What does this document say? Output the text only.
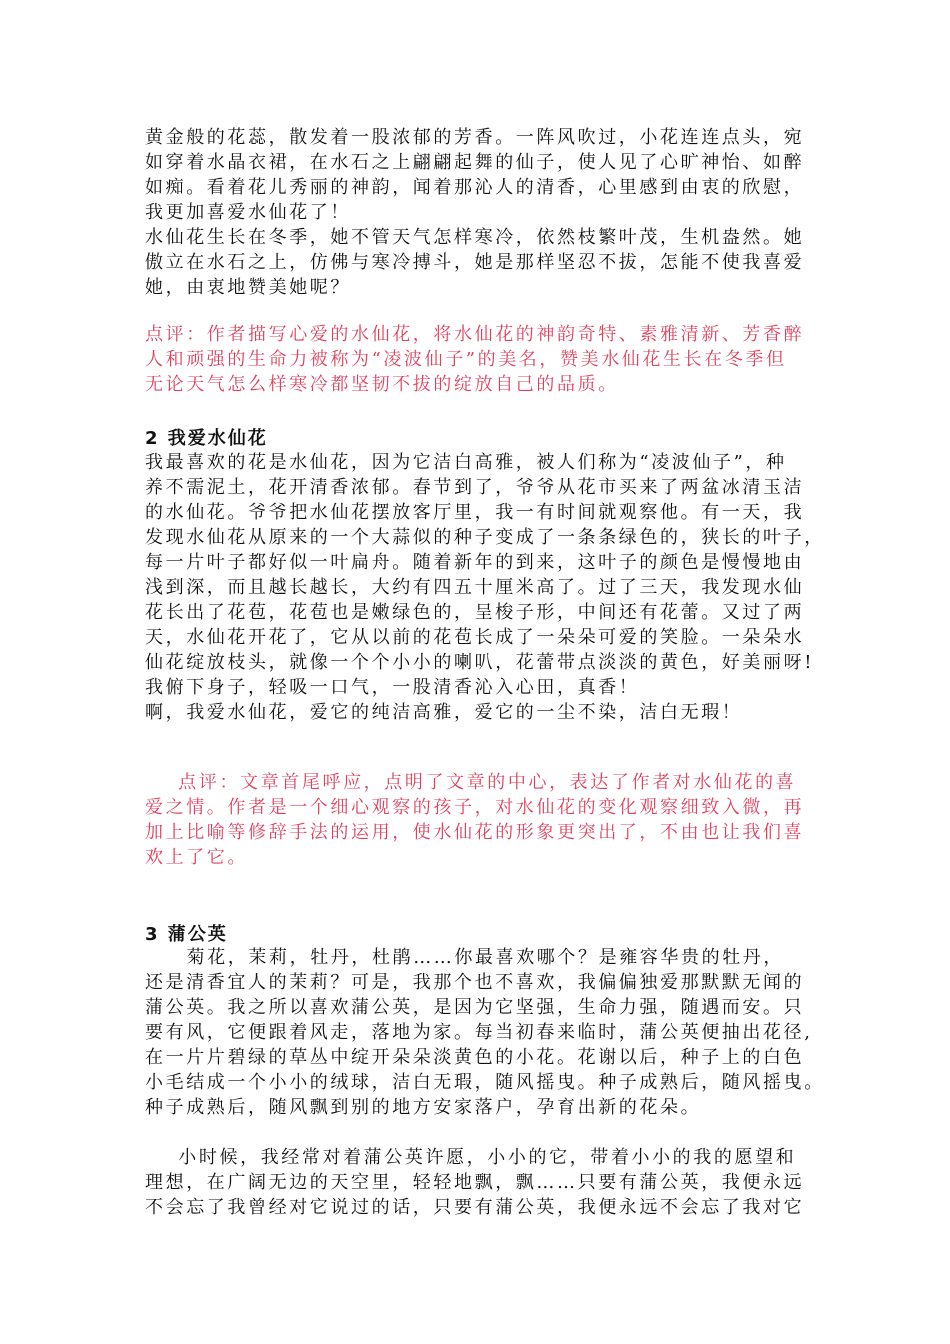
黄金般的花蕊，散发着一股浓郁的芳香。一阵风吹过，小花连连点头，宛
如穿着水晶衣裙，在水石之上翩翩起舞的仙子，使人见了心旷神怡、如醉
如痴。看着花儿秀丽的神韵，闻着那沁人的清香，心里感到由衷的欣慰，
我更加喜爱水仙花了！
水仙花生长在冬季，她不管天气怎样寒冷，依然枝繁叶茂，生机盎然。她
傲立在水石之上，仿佛与寒冷搏斗，她是那样坚忍不拔，怎能不使我喜爱
她，由衷地赞美她呢？
点评：作者描写心爱的水仙花，将水仙花的神韵奇特、素雅清新、芳香醉
人和顽强的生命力被称为“凌波仙子”的美名，赞美水仙花生长在冬季但
无论天气怎么样寒冷都坚韧不拔的绽放自己的品质。
2 我爱水仙花
我最喜欢的花是水仙花，因为它洁白高雅，被人们称为“凌波仙子”，种
养不需泥土，花开清香浓郁。春节到了，爷爷从花市买来了两盆冰清玉洁
的水仙花。爷爷把水仙花摆放客厅里，我一有时间就观察他。有一天，我
发现水仙花从原来的一个大蒜似的种子变成了一条条绿色的，狭长的叶子，
每一片叶子都好似一叶扁舟。随着新年的到来，这叶子的颜色是慢慢地由
浅到深，而且越长越长，大约有四五十厘米高了。过了三天，我发现水仙
花长出了花苞，花苞也是嫩绿色的，呈梭子形，中间还有花蕾。又过了两
天，水仙花开花了，它从以前的花苞长成了一朵朵可爱的笑脸。一朵朵水
仙花绽放枝头，就像一个个小小的喇叭，花蕾带点淡淡的黄色，好美丽呀!
我俯下身子，轻吸一口气，一股清香沁入心田，真香！
啊，我爱水仙花，爱它的纯洁高雅，爱它的一尘不染，洁白无瑕！
点评：文章首尾呼应，点明了文章的中心，表达了作者对水仙花的喜
爱之情。作者是一个细心观察的孩子，对水仙花的变化观察细致入微，再
加上比喻等修辞手法的运用，使水仙花的形象更突出了，不由也让我们喜
欢上了它。
3 蒲公英
菊花，茉莉，牡丹，杜鹃……你最喜欢哪个？是雍容华贵的牡丹，
还是清香宜人的茉莉？可是，我那个也不喜欢，我偏偏独爱那默默无闻的
蒲公英。我之所以喜欢蒲公英，是因为它坚强，生命力强，随遇而安。只
要有风，它便跟着风走，落地为家。每当初春来临时，蒲公英便抽出花径,
在一片片碧绿的草丛中绽开朵朵淡黄色的小花。花谢以后，种子上的白色
小毛结成一个小小的绒球，洁白无瑕，随风摇曳。种子成熟后，随风摇曳。
种子成熟后，随风飘到别的地方安家落户，孕育出新的花朵。
小时候，我经常对着蒲公英许愿，小小的它，带着小小的我的愿望和
理想，在广阔无边的天空里，轻轻地飘，飘……只要有蒲公英，我便永远
不会忘了我曾经对它说过的话，只要有蒲公英，我便永远不会忘了我对它
